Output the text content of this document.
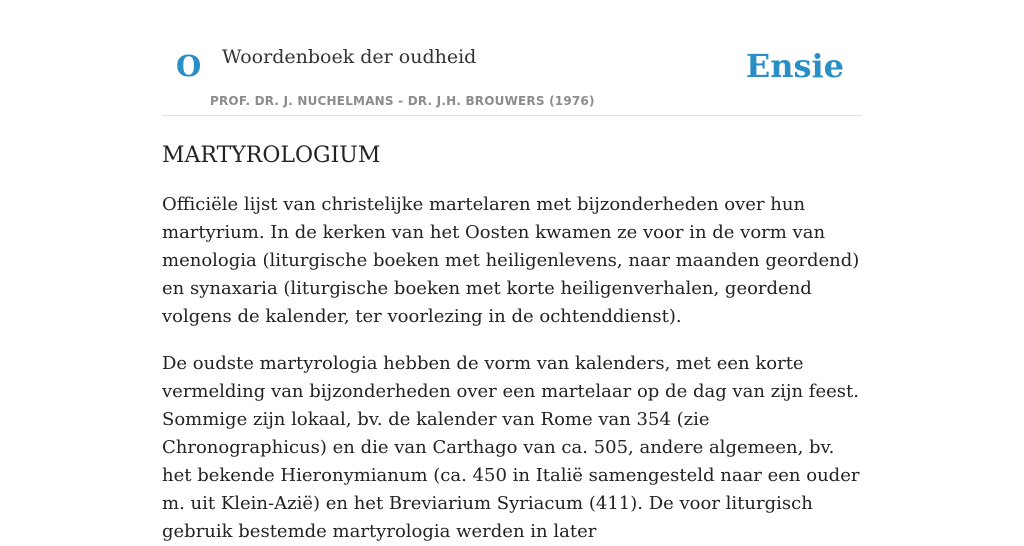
O Woordenboek der oudheid
PROF. DR. J. NUCHELMANS - DR. J.H. BROUWERS (1976)
Ensie
MARTYROLOGIUM

Officiële lijst van christelijke martelaren met bijzonderheden over hun martyrium. In de kerken van het Oosten kwamen ze voor in de vorm van menologia (liturgische boeken met heiligenlevens, naar maanden geordend) en synaxaria (liturgische boeken met korte heiligenverhalen, geordend volgens de kalender, ter voorlezing in de ochtenddienst).

De oudste martyrologia hebben de vorm van kalenders, met een korte vermelding van bijzonderheden over een martelaar op de dag van zijn feest. Sommige zijn lokaal, bv. de kalender van Rome van 354 (zie Chronographicus) en die van Carthago van ca. 505, andere algemeen, bv. het bekende Hieronymianum (ca. 450 in Italië samengesteld naar een ouder m. uit Klein-Azië) en het Breviarium Syriacum (411). De voor liturgisch gebruik bestemde martyrologia werden in later
